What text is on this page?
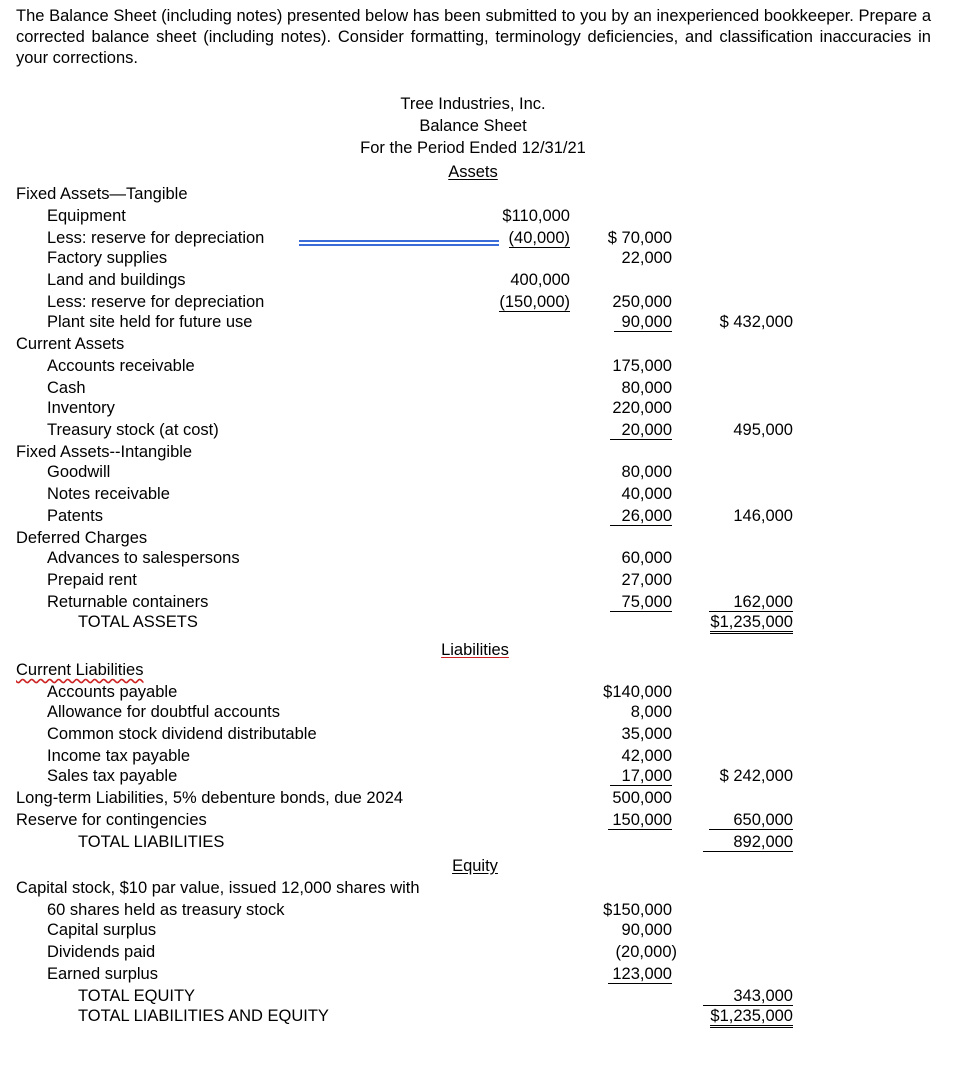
The Balance Sheet (including notes) presented below has been submitted to you by an inexperienced bookkeeper. Prepare a corrected balance sheet (including notes). Consider formatting, terminology deficiencies, and classification inaccuracies in your corrections.
Tree Industries, Inc.
Balance Sheet
For the Period Ended 12/31/21
Assets
Fixed Assets—Tangible
Equipment	$110,000
Less: reserve for depreciation	(40,000)	$ 70,000
Factory supplies	22,000
Land and buildings	400,000
Less: reserve for depreciation	(150,000)	250,000
Plant site held for future use	90,000	$ 432,000
Current Assets
Accounts receivable	175,000
Cash	80,000
Inventory	220,000
Treasury stock (at cost)	20,000	495,000
Fixed Assets--Intangible
Goodwill	80,000
Notes receivable	40,000
Patents	26,000	146,000
Deferred Charges
Advances to salespersons	60,000
Prepaid rent	27,000
Returnable containers	75,000	162,000
TOTAL ASSETS	$1,235,000
Liabilities
Current Liabilities
Accounts payable	$140,000
Allowance for doubtful accounts	8,000
Common stock dividend distributable	35,000
Income tax payable	42,000
Sales tax payable	17,000	$ 242,000
Long-term Liabilities, 5% debenture bonds, due 2024	500,000
Reserve for contingencies	150,000	650,000
TOTAL LIABILITIES	892,000
Equity
Capital stock, $10 par value, issued 12,000 shares with
60 shares held as treasury stock	$150,000
Capital surplus	90,000
Dividends paid	(20,000)
Earned surplus	123,000
TOTAL EQUITY	343,000
TOTAL LIABILITIES AND EQUITY	$1,235,000
